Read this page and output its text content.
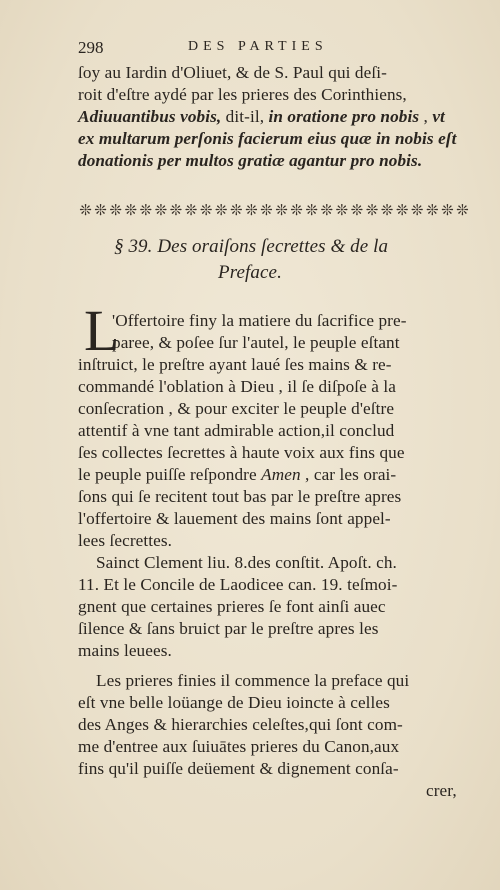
298	DES PARTIES
ſoy au Iardin d'Oliuet, & de S. Paul qui deſi-
roit d'eſtre aydé par les prieres des Corinthiens,
Adiuuantibus vobis, dit-il, in oratione pro nobis , vt
ex multarum perſonis facierum eius quæ in nobis eſt
donationis per multos gratiæ agantur pro nobis.
❊ ❊ ❊ ❊ ❊ ❊ ❊ ❊ ❊ ❊ ❊ ❊ ❊ ❊ ❊ ❊ ❊ ❊ ❊ ❊ ❊ ❊ ❊ ❊ ❊ ❊
§ 39. Des oraiſons ſecrettes & de la
Preface.
L
'Offertoire finy la matiere du ſacrifice pre-
paree, & poſee ſur l'autel, le peuple eſtant
inſtruict, le preſtre ayant laué ſes mains & re-
commandé l'oblation à Dieu , il ſe diſpoſe à la
conſecration , & pour exciter le peuple d'eſtre
attentif à vne tant admirable action,il conclud
ſes collectes ſecrettes à haute voix aux fins que
le peuple puiſſe reſpondre Amen , car les orai-
ſons qui ſe recitent tout bas par le preſtre apres
l'offertoire & lauement des mains ſont appel-
lees ſecrettes.
Sainct Clement liu. 8.des conſtit. Apoſt. ch.
11. Et le Concile de Laodicee can. 19. teſmoi-
gnent que certaines prieres ſe font ainſi auec
ſilence & ſans bruict par le preſtre apres les
mains leuees.
Les prieres finies il commence la preface qui
eſt vne belle loüange de Dieu ioincte à celles
des Anges & hierarchies celeſtes,qui ſont com-
me d'entree aux ſuiuātes prieres du Canon,aux
fins qu'il puiſſe deüement & dignement conſa-
crer,
